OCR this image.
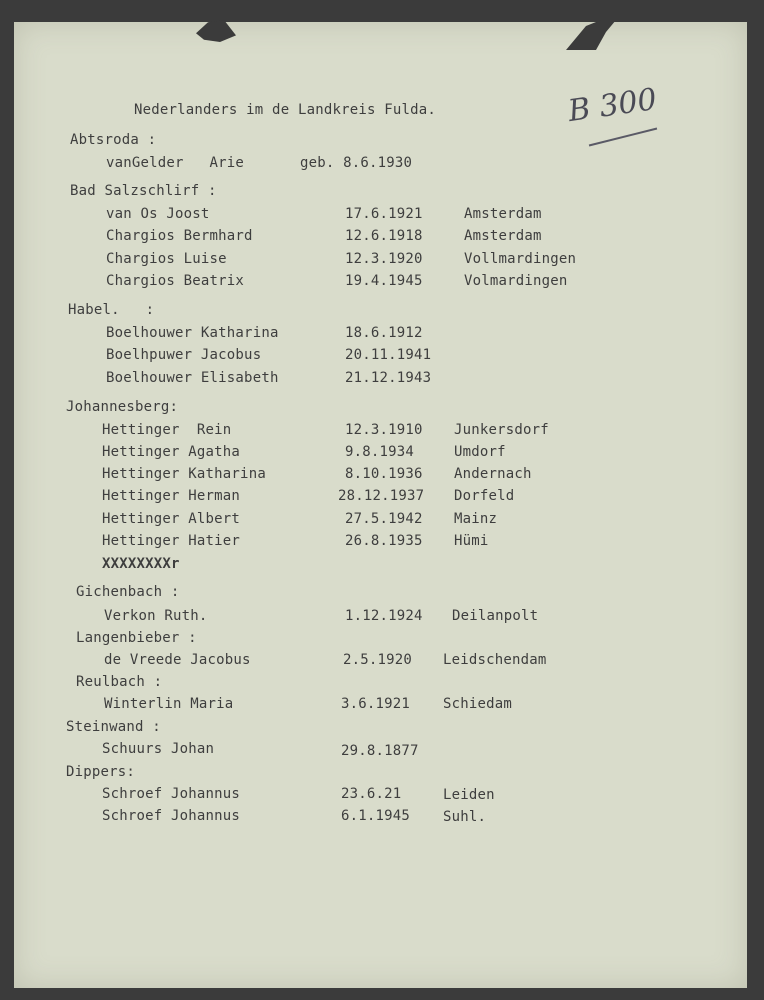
Nederlanders im de Landkreis Fulda.	B 300

Abtsroda :

vanGelder   Arie	geb. 8.6.1930

Bad Salzschlirf :

van Os Joost	17.6.1921	Amsterdam

Chargios Bermhard	12.6.1918	Amsterdam

Chargios Luise	12.3.1920	Vollmardingen

Chargios Beatrix	19.4.1945	Volmardingen

Habel.   :

Boelhouwer Katharina	18.6.1912

Boelhpuwer Jacobus	20.11.1941

Boelhouwer Elisabeth	21.12.1943

Johannesberg:

Hettinger  Rein	12.3.1910 Junkersdorf

Hettinger Agatha	9.8.1934	Umdorf

Hettinger Katharina	8.10.1936 Andernach

Hettinger Herman	28.12.1937 Dorfeld

Hettinger Albert	27.5.1942 Mainz

Hettinger Hatier	26.8.1935 Hümi

XXXXXXXXr

Gichenbach :

Verkon Ruth.	1.12.1924 Deilanpolt

Langenbieber :

de Vreede Jacobus	2.5.1920 Leidschendam

Reulbach :

Winterlin Maria	3.6.1921 Schiedam

Steinwand :

Schuurs Johan	29.8.1877

Dippers:

Schroef Johannus	23.6.21	Leiden

Schroef Johannus	6.1.1945 Suhl.
